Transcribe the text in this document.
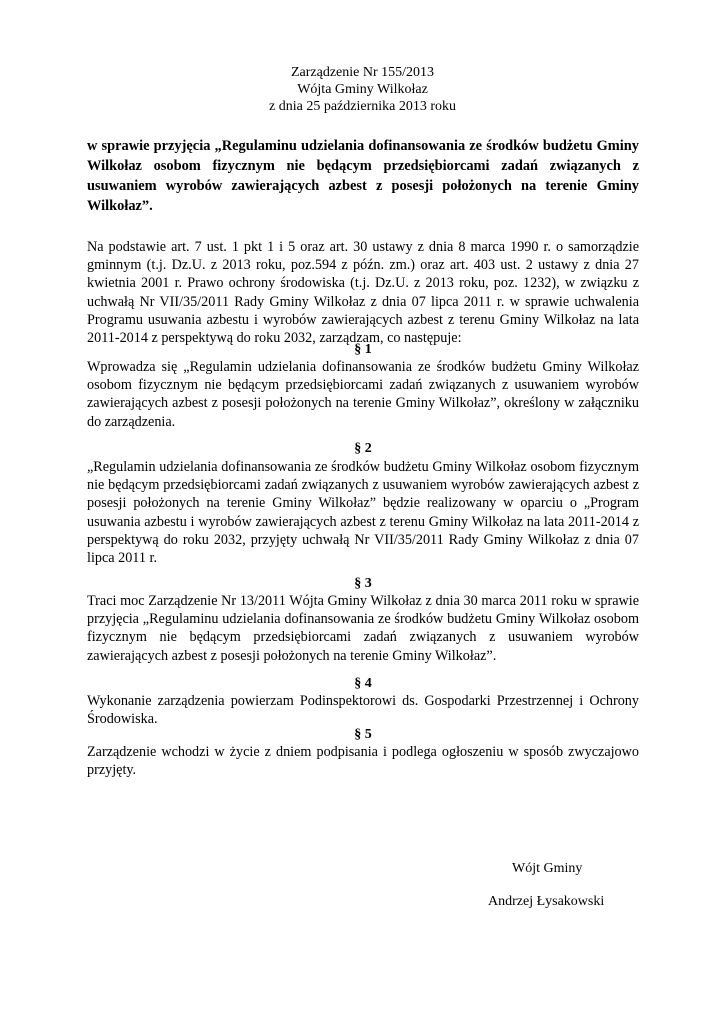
Zarządzenie Nr 155/2013
Wójta Gminy Wilkołaz
z dnia 25 października 2013 roku
w sprawie przyjęcia „Regulaminu udzielania dofinansowania ze środków budżetu Gminy Wilkołaz osobom fizycznym nie będącym przedsiębiorcami zadań związanych z usuwaniem wyrobów zawierających azbest z posesji położonych na terenie Gminy Wilkołaz”.
Na podstawie art. 7 ust. 1 pkt 1 i 5 oraz art. 30 ustawy z dnia 8 marca 1990 r. o samorządzie gminnym (t.j. Dz.U. z 2013 roku, poz.594 z późn. zm.) oraz art. 403 ust. 2 ustawy z dnia 27 kwietnia 2001 r. Prawo ochrony środowiska (t.j. Dz.U. z 2013 roku, poz. 1232), w związku z uchwałą Nr VII/35/2011 Rady Gminy Wilkołaz z dnia 07 lipca 2011 r. w sprawie uchwalenia Programu usuwania azbestu i wyrobów zawierających azbest z terenu Gminy Wilkołaz na lata 2011-2014 z perspektywą do roku 2032, zarządzam, co następuje:
§ 1
Wprowadza się „Regulamin udzielania dofinansowania ze środków budżetu Gminy Wilkołaz osobom fizycznym nie będącym przedsiębiorcami zadań związanych z usuwaniem wyrobów zawierających azbest z posesji położonych na terenie Gminy Wilkołaz”, określony w załączniku do zarządzenia.
§ 2
„Regulamin udzielania dofinansowania ze środków budżetu Gminy Wilkołaz osobom fizycznym nie będącym przedsiębiorcami zadań związanych z usuwaniem wyrobów zawierających azbest z posesji położonych na terenie Gminy Wilkołaz” będzie realizowany w oparciu o „Program usuwania azbestu i wyrobów zawierających azbest z terenu Gminy Wilkołaz na lata 2011-2014 z perspektywą do roku 2032, przyjęty uchwałą Nr VII/35/2011 Rady Gminy Wilkołaz z dnia 07 lipca 2011 r.
§ 3
Traci moc Zarządzenie Nr 13/2011 Wójta Gminy Wilkołaz z dnia 30 marca 2011 roku w sprawie przyjęcia „Regulaminu udzielania dofinansowania ze środków budżetu Gminy Wilkołaz osobom fizycznym nie będącym przedsiębiorcami zadań związanych z usuwaniem wyrobów zawierających azbest z posesji położonych na terenie Gminy Wilkołaz”.
§ 4
Wykonanie zarządzenia powierzam Podinspektorowi ds. Gospodarki Przestrzennej i Ochrony Środowiska.
§ 5
Zarządzenie wchodzi w życie z dniem podpisania i podlega ogłoszeniu w sposób zwyczajowo przyjęty.
Wójt Gminy
Andrzej Łysakowski
